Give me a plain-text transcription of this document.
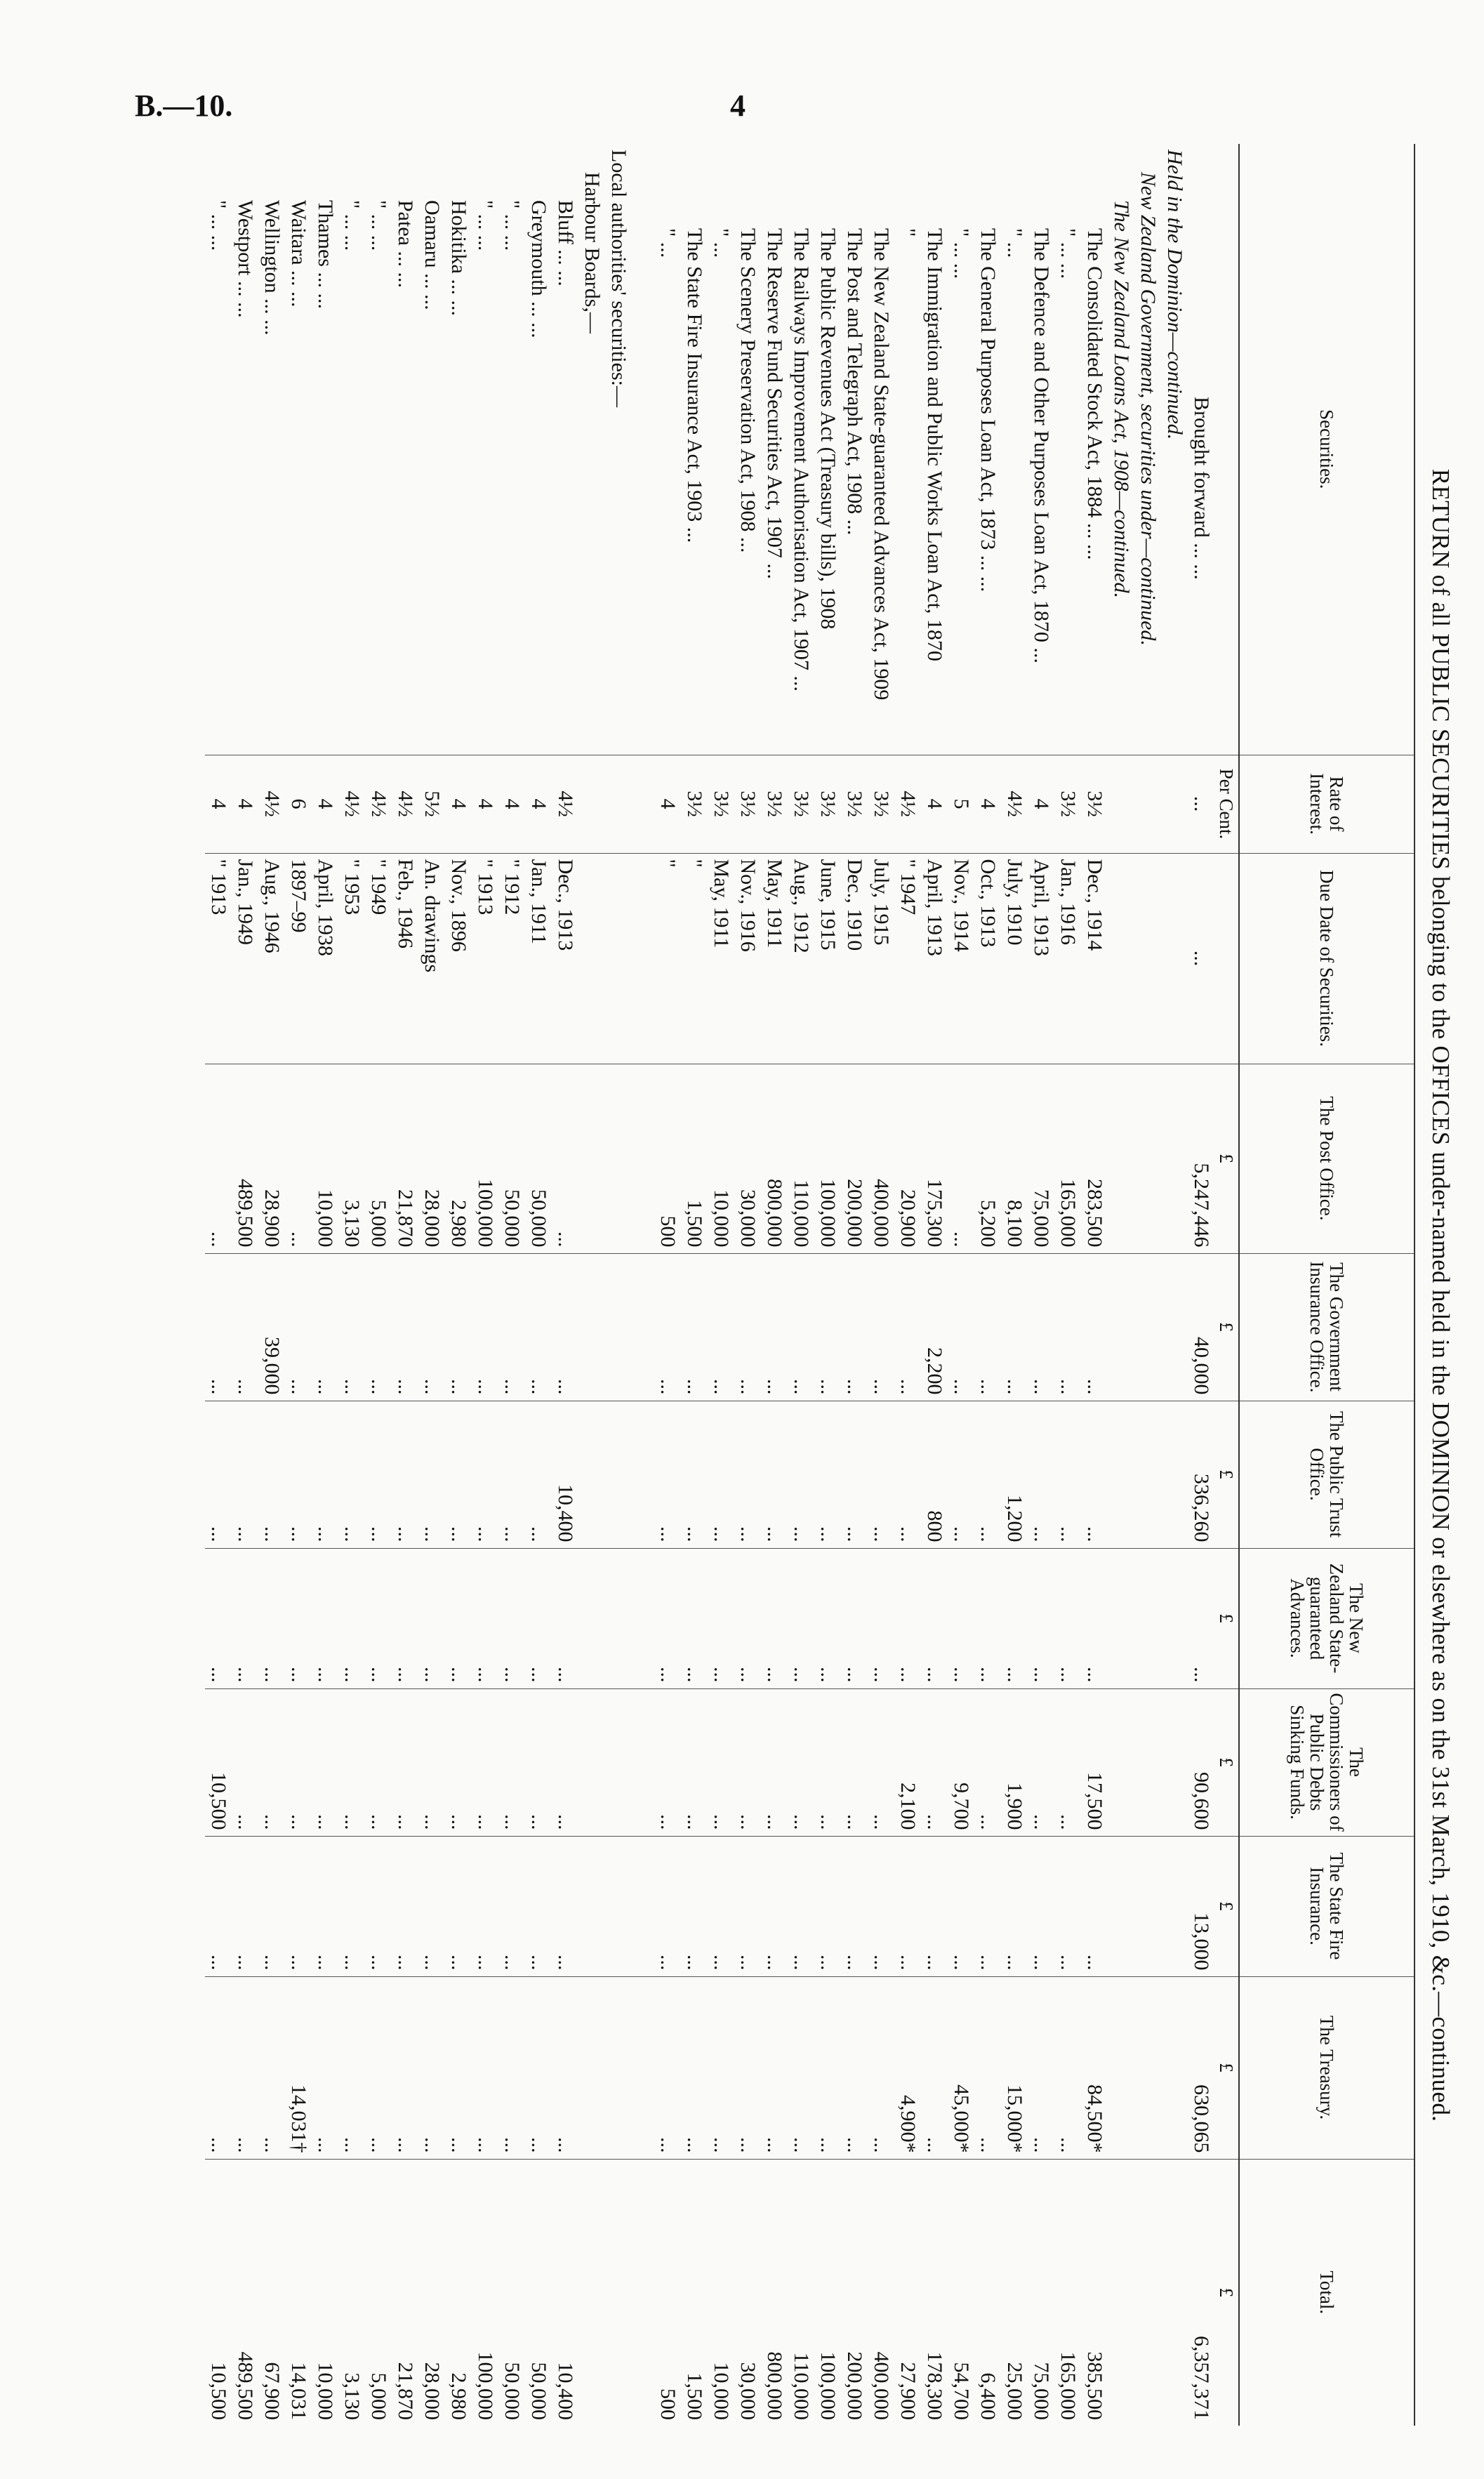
B.—10.	4
RETURN of all PUBLIC SECURITIES belonging to the OFFICES under-named held in the DOMINION or elsewhere as on the 31st March, 1910, &c.—continued.
Securities.	Rate of Interest.	Due Date of Securities.	The Post Office.	The Government Insurance Office.	The Public Trust Office.	The New Zealand State-guaranteed Advances.	The Commissioners of Public Debts Sinking Funds.	The State Fire Insurance.	The Treasury.	Total.
	Per Cent.		£	£	£	£	£	£	£	£
Brought forward ... ...	...	...	5,247,446	40,000	336,260	...	90,600	13,000	630,065	6,357,371
Held in the Dominion—continued.										
New Zealand Government, securities under—continued.										
The New Zealand Loans Act, 1908—continued.										
The Consolidated Stock Act, 1884 ... ...	3½	Dec., 1914	283,500	...	...	...	17,500	...	84,500*	385,500
" ... ...	3½	Jan., 1916	165,000	...	...	...	...	...	...	165,000
The Defence and Other Purposes Loan Act, 1870 ...	4	April, 1913	75,000	...	...	...	...	...	...	75,000
" ...	4½	July, 1910	8,100	...	1,200	...	1,900	...	15,000*	25,000
The General Purposes Loan Act, 1873 ... ...	4	Oct., 1913	5,200	...	...	...	...	...	...	6,400
" ... ...	5	Nov., 1914	...	...	...	...	9,700	...	45,000*	54,700
The Immigration and Public Works Loan Act, 1870	4	April, 1913	175,300	2,200	800	...	...	...	...	178,300
"	4½	" 1947	20,900	...	...	...	2,100	...	4,900*	27,900
The New Zealand State-guaranteed Advances Act, 1909	3½	July, 1915	400,000	...	...	...	...	...	...	400,000
The Post and Telegraph Act, 1908 ...	3½	Dec., 1910	200,000	...	...	...	...	...	...	200,000
The Public Revenues Act (Treasury bills), 1908	3½	June, 1915	100,000	...	...	...	...	...	...	100,000
The Railways Improvement Authorisation Act, 1907 ...	3½	Aug., 1912	110,000	...	...	...	...	...	...	110,000
The Reserve Fund Securities Act, 1907 ...	3½	May, 1911	800,000	...	...	...	...	...	...	800,000
The Scenery Preservation Act, 1908 ...	3½	Nov., 1916	30,000	...	...	...	...	...	...	30,000
" ...	3½	May, 1911	10,000	...	...	...	...	...	...	10,000
The State Fire Insurance Act, 1903 ...	3½	"	1,500	...	...	...	...	...	...	1,500
" ...	4	"	500	...	...	...	...	...	...	500

Local authorities' securities:—										
Harbour Boards,—										
Bluff ... ...	4½	Dec., 1913	...	...	10,400	...	...	...	...	10,400
Greymouth ... ...	4	Jan., 1911	50,000	...	...	...	...	...	...	50,000
" ... ...	4	" 1912	50,000	...	...	...	...	...	...	50,000
" ... ...	4	" 1913	100,000	...	...	...	...	...	...	100,000
Hokitika ... ...	4	Nov., 1896	2,980	...	...	...	...	...	...	2,980
Oamaru ... ...	5½	An. drawings	28,000	...	...	...	...	...	...	28,000
Patea ... ...	4½	Feb., 1946	21,870	...	...	...	...	...	...	21,870
" ... ...	4½	" 1949	5,000	...	...	...	...	...	...	5,000
" ... ...	4½	" 1953	3,130	...	...	...	...	...	...	3,130
Thames ... ...	4	April, 1938	10,000	...	...	...	...	...	...	10,000
Waitara ... ...	6	1897–99	...	...	...	...	...	...	14,031†	14,031
Wellington ... ...	4½	Aug., 1946	28,900	39,000	...	...	...	...	...	67,900
Westport ... ...	4	Jan., 1949	489,500	...	...	...	...	...	...	489,500
" ... ...	4	" 1913	...	...	...	...	10,500	...	...	10,500
